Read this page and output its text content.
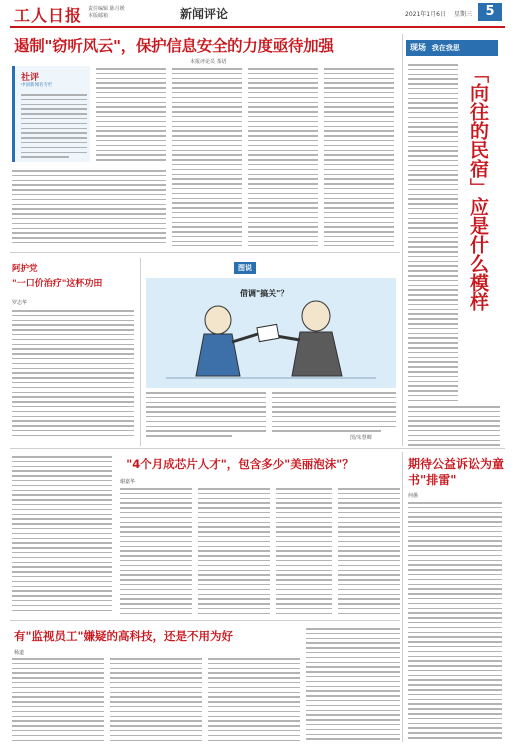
工人日报 责任编辑 陈月媛
本版邮箱	新闻评论	2021年1月6日 星期三	5
遏制"窃听风云"，保护信息安全的力度亟待加强
本报评论员 茶语
社评
中国新闻名专栏
现场 我在我思
「向往的民宿」应是什么模样
阿护党
"一口价治疗"这杯功田
罗志华
图说
借调"搞关"？
图/朱慧卿
"4个月成芯片人才"，包含多少"美丽泡沫"？
谢嘉华
有"监视员工"嫌疑的高科技，还是不用为好
杨道
期待公益诉讼为童书"排雷"
何愚
